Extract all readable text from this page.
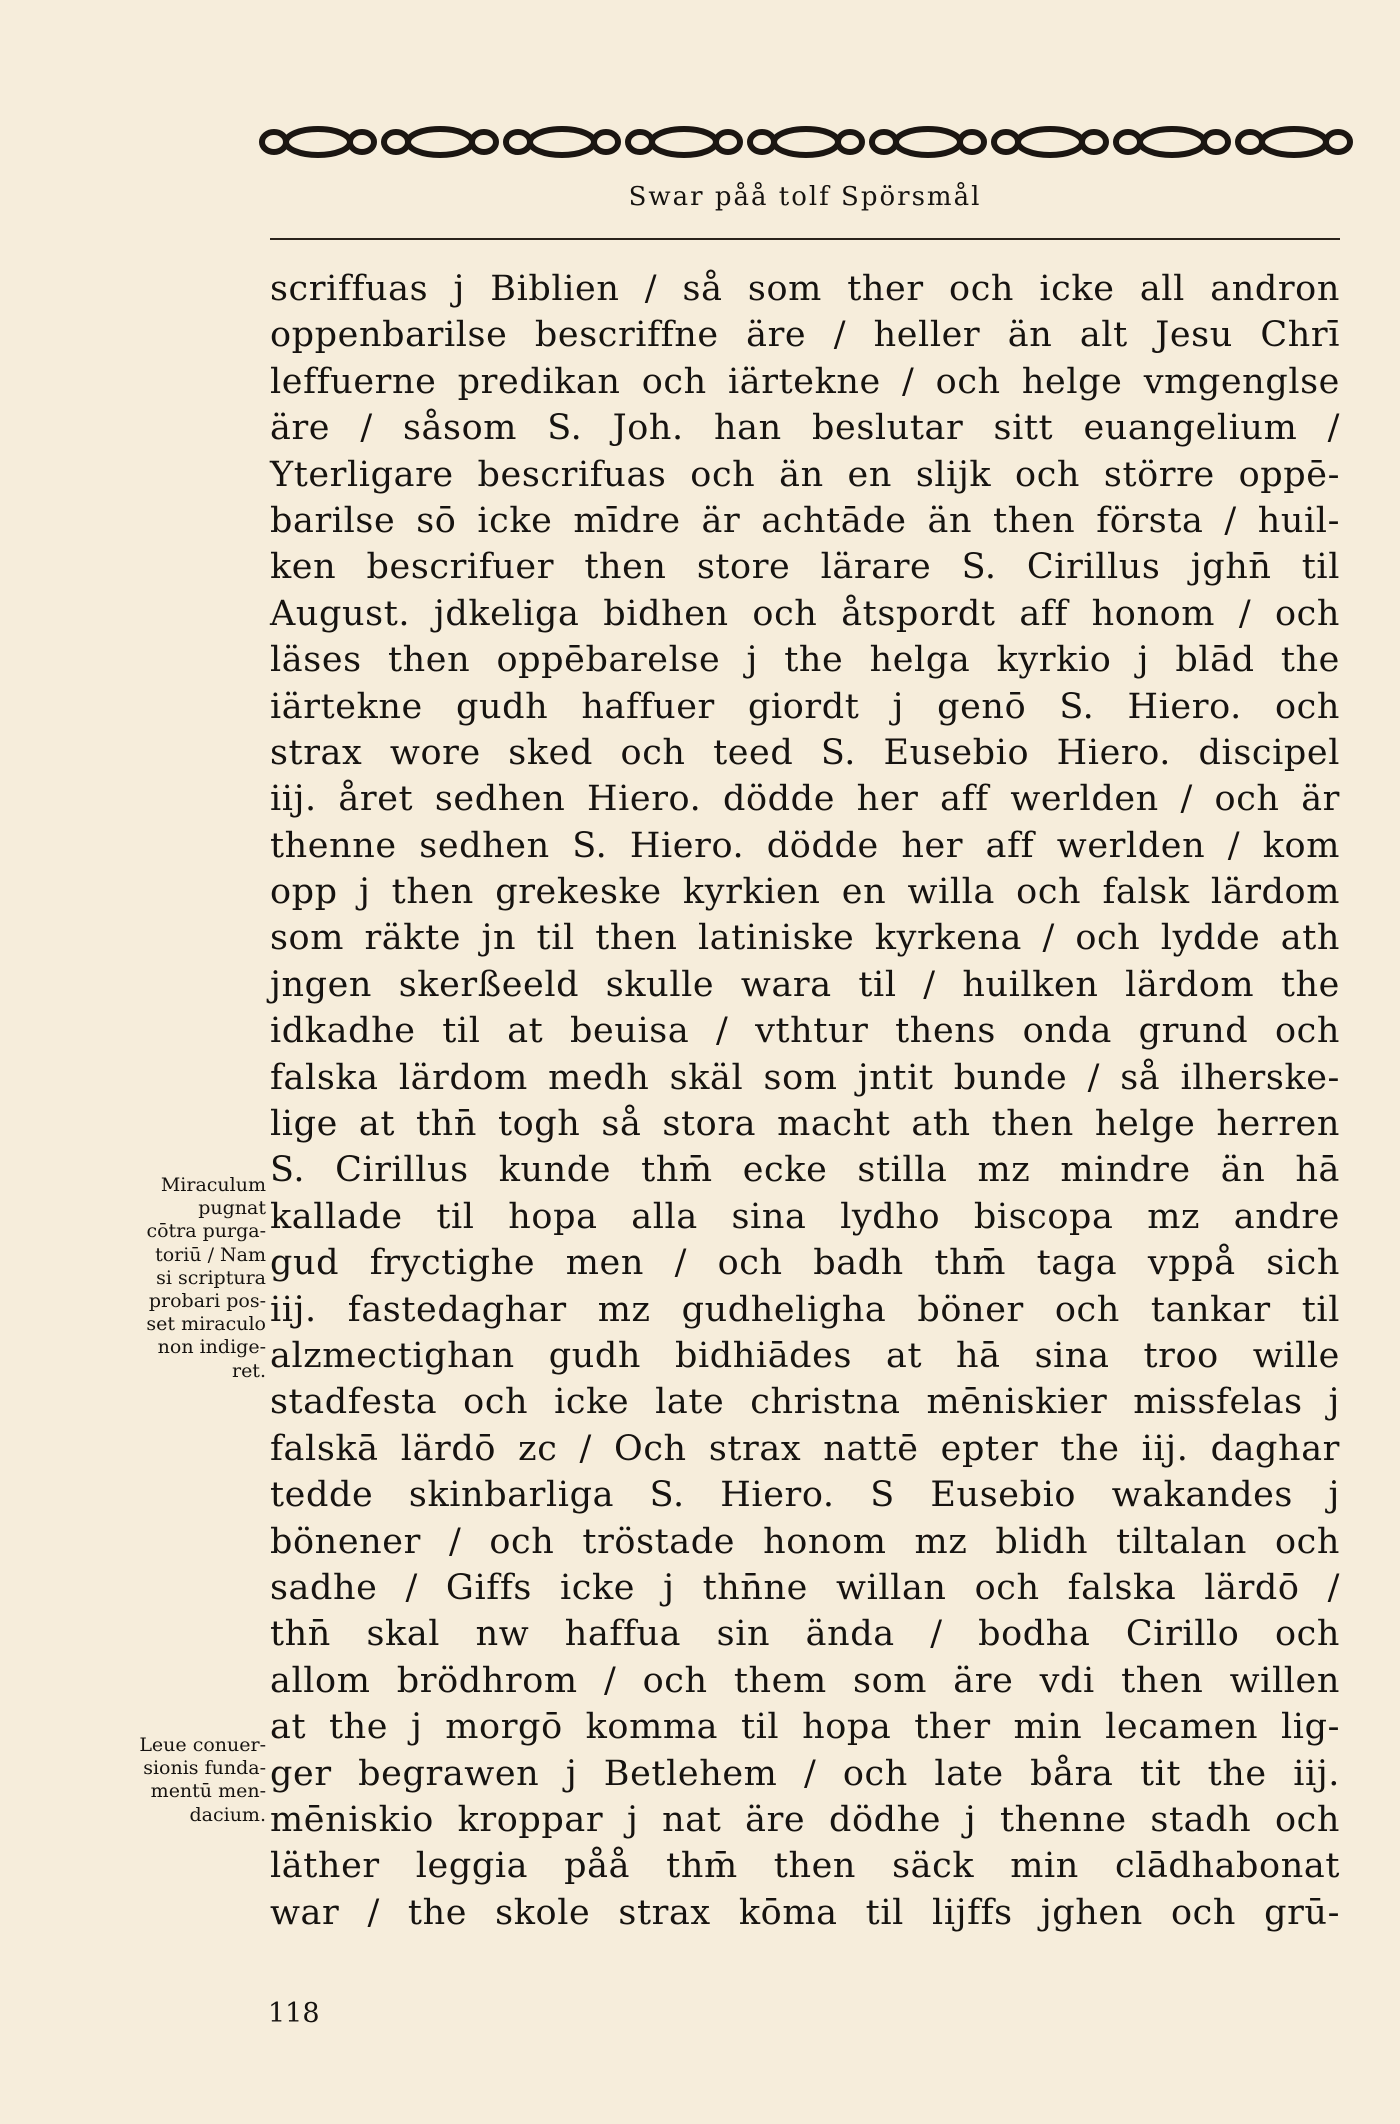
Swar påå tolf Spörsmål
scriffuas j Biblien / så som ther och icke all andron
oppenbarilse bescriffne äre / heller än alt Jesu Chrī
leffuerne predikan och iärtekne / och helge vmgenglse
äre / såsom S. Joh. han beslutar sitt euangelium /
Yterligare bescrifuas och än en slijk och större oppē-
barilse sō icke mīdre är achtāde än then första / huil-
ken bescrifuer then store lärare S. Cirillus jghn̄ til
August. jdkeliga bidhen och åtspordt aff honom / och
läses then oppēbarelse j the helga kyrkio j blād the
iärtekne gudh haffuer giordt j genō S. Hiero. och
strax wore sked och teed S. Eusebio Hiero. discipel
iij. året sedhen Hiero. dödde her aff werlden / och är
thenne sedhen S. Hiero. dödde her aff werlden / kom
opp j then grekeske kyrkien en willa och falsk lärdom
som räkte jn til then latiniske kyrkena / och lydde ath
jngen skerßeeld skulle wara til / huilken lärdom the
idkadhe til at beuisa / vthtur thens onda grund och
falska lärdom medh skäl som jntit bunde / så ilherske-
lige at thn̄ togh så stora macht ath then helge herren
S. Cirillus kunde thm̄ ecke stilla mz mindre än hā
kallade til hopa alla sina lydho biscopa mz andre
gud fryctighe men / och badh thm̄ taga vppå sich
iij. fastedaghar mz gudheligha böner och tankar til
alzmectighan gudh bidhiādes at hā sina troo wille
stadfesta och icke late christna mēniskier missfelas j
falskā lärdō zc / Och strax nattē epter the iij. daghar
tedde skinbarliga S. Hiero. S Eusebio wakandes j
bönener / och tröstade honom mz blidh tiltalan och
sadhe / Giffs icke j thn̄ne willan och falska lärdō /
thn̄ skal nw haffua sin ända / bodha Cirillo och
allom brödhrom / och them som äre vdi then willen
at the j morgō komma til hopa ther min lecamen lig-
ger begrawen j Betlehem / och late båra tit the iij.
mēniskio kroppar j nat äre dödhe j thenne stadh och
läther leggia påå thm̄ then säck min clādhabonat
war / the skole strax kōma til lijffs jghen och grū-
Miraculum
pugnat
cōtra purga-
toriū / Nam
si scriptura
probari pos-
set miraculo
non indige-
ret.
Leue conuer-
sionis funda-
mentū men-
dacium.
118
